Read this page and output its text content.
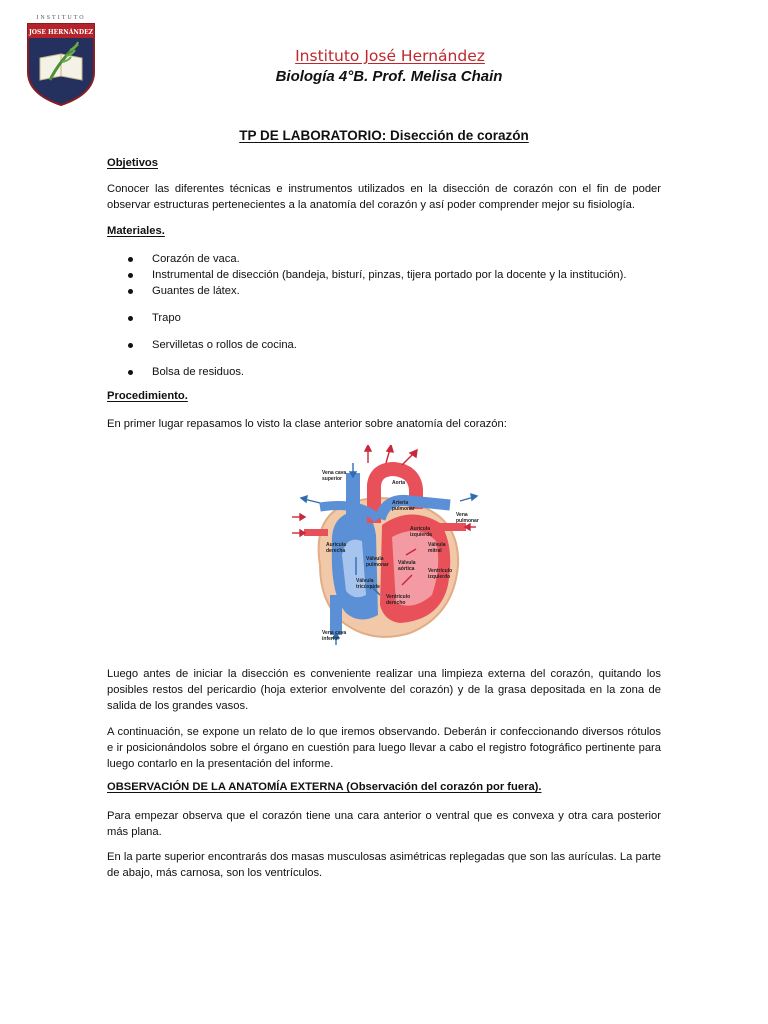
INSTITUTO
JOSE HERNÁNDEZ
Instituto José Hernández
Biología 4°B. Prof. Melisa Chain
TP DE LABORATORIO: Disección de corazón
Objetivos
Conocer las diferentes técnicas e instrumentos utilizados en la disección de corazón con el fin de poder observar estructuras pertenecientes a la anatomía del corazón y así poder comprender mejor su fisiología.
Materiales.
Corazón de vaca.
Instrumental de disección (bandeja, bisturí, pinzas, tijera portado por la docente y la institución).
Guantes de látex.
Trapo
Servilletas o rollos de cocina.
Bolsa de residuos.
Procedimiento.
En primer lugar repasamos lo visto la clase anterior sobre anatomía del corazón:
Vena cava
superior
Aorta
Arteria
pulmonar
Vena
pulmonar
Aurícula
izquierda
Aurícula
derecha
Válvula
pulmonar
Válvula
mitral
Válvula
aórtica
Válvula
tricúspide
Ventrículo
izquierdo
Ventrículo
derecho
Vena cava
inferior
Luego antes de iniciar la disección es conveniente realizar una limpieza externa del corazón, quitando los posibles restos del pericardio (hoja exterior envolvente del corazón) y de la grasa depositada en la zona de salida de los grandes vasos.
A continuación, se expone un relato de lo que iremos observando. Deberán ir confeccionando diversos rótulos e ir posicionándolos sobre el órgano en cuestión para luego llevar a cabo el registro fotográfico pertinente para luego contarlo en la presentación del informe.
OBSERVACIÓN DE LA ANATOMÍA EXTERNA (Observación del corazón por fuera).
Para empezar observa que el corazón tiene una cara anterior o ventral que es convexa y otra cara posterior más plana.
En la parte superior encontrarás dos masas musculosas asimétricas replegadas que son las aurículas. La parte de abajo, más carnosa, son los ventrículos.
